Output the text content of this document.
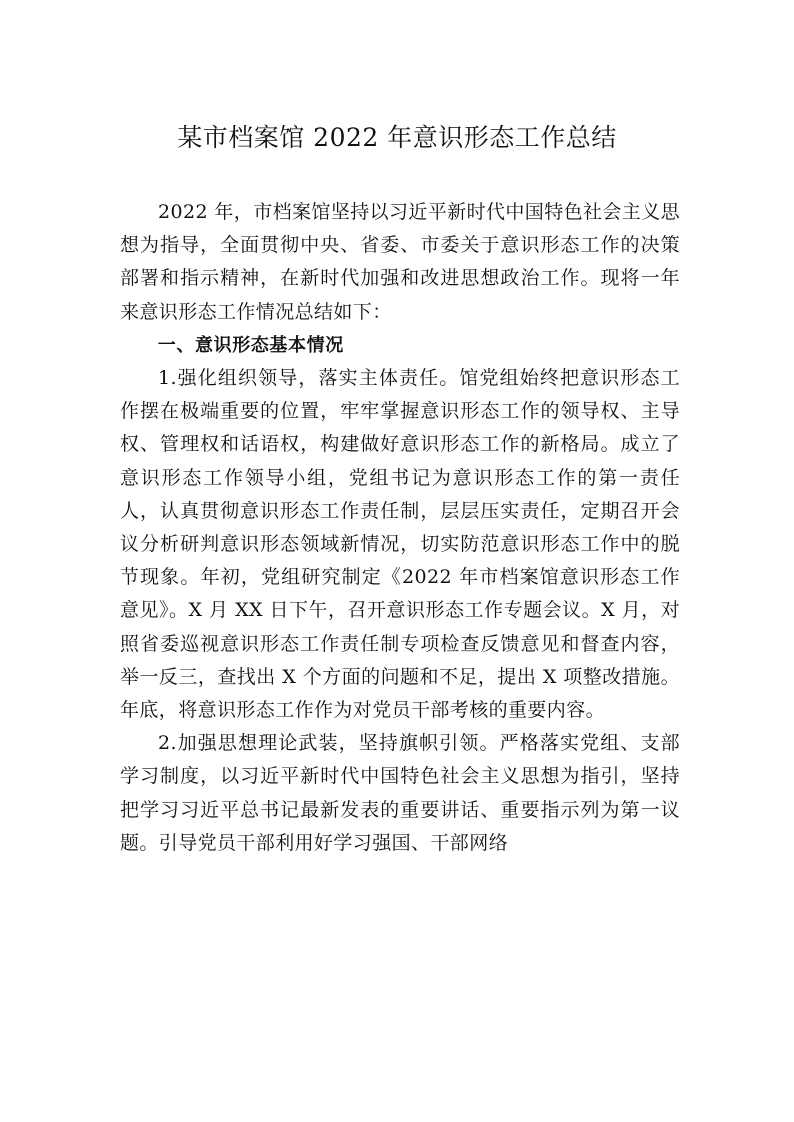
某市档案馆 2022 年意识形态工作总结

2022 年，市档案馆坚持以习近平新时代中国特色社会主义思想为指导，全面贯彻中央、省委、市委关于意识形态工作的决策部署和指示精神，在新时代加强和改进思想政治工作。现将一年来意识形态工作情况总结如下：

一、意识形态基本情况

1.强化组织领导，落实主体责任。馆党组始终把意识形态工作摆在极端重要的位置，牢牢掌握意识形态工作的领导权、主导权、管理权和话语权，构建做好意识形态工作的新格局。成立了意识形态工作领导小组，党组书记为意识形态工作的第一责任人，认真贯彻意识形态工作责任制，层层压实责任，定期召开会议分析研判意识形态领域新情况，切实防范意识形态工作中的脱节现象。年初，党组研究制定《2022 年市档案馆意识形态工作意见》。X 月 XX 日下午，召开意识形态工作专题会议。X 月，对照省委巡视意识形态工作责任制专项检查反馈意见和督查内容，举一反三，查找出 X 个方面的问题和不足，提出 X 项整改措施。年底，将意识形态工作作为对党员干部考核的重要内容。

2.加强思想理论武装，坚持旗帜引领。严格落实党组、支部学习制度，以习近平新时代中国特色社会主义思想为指引，坚持把学习习近平总书记最新发表的重要讲话、重要指示列为第一议题。引导党员干部利用好学习强国、干部网络
